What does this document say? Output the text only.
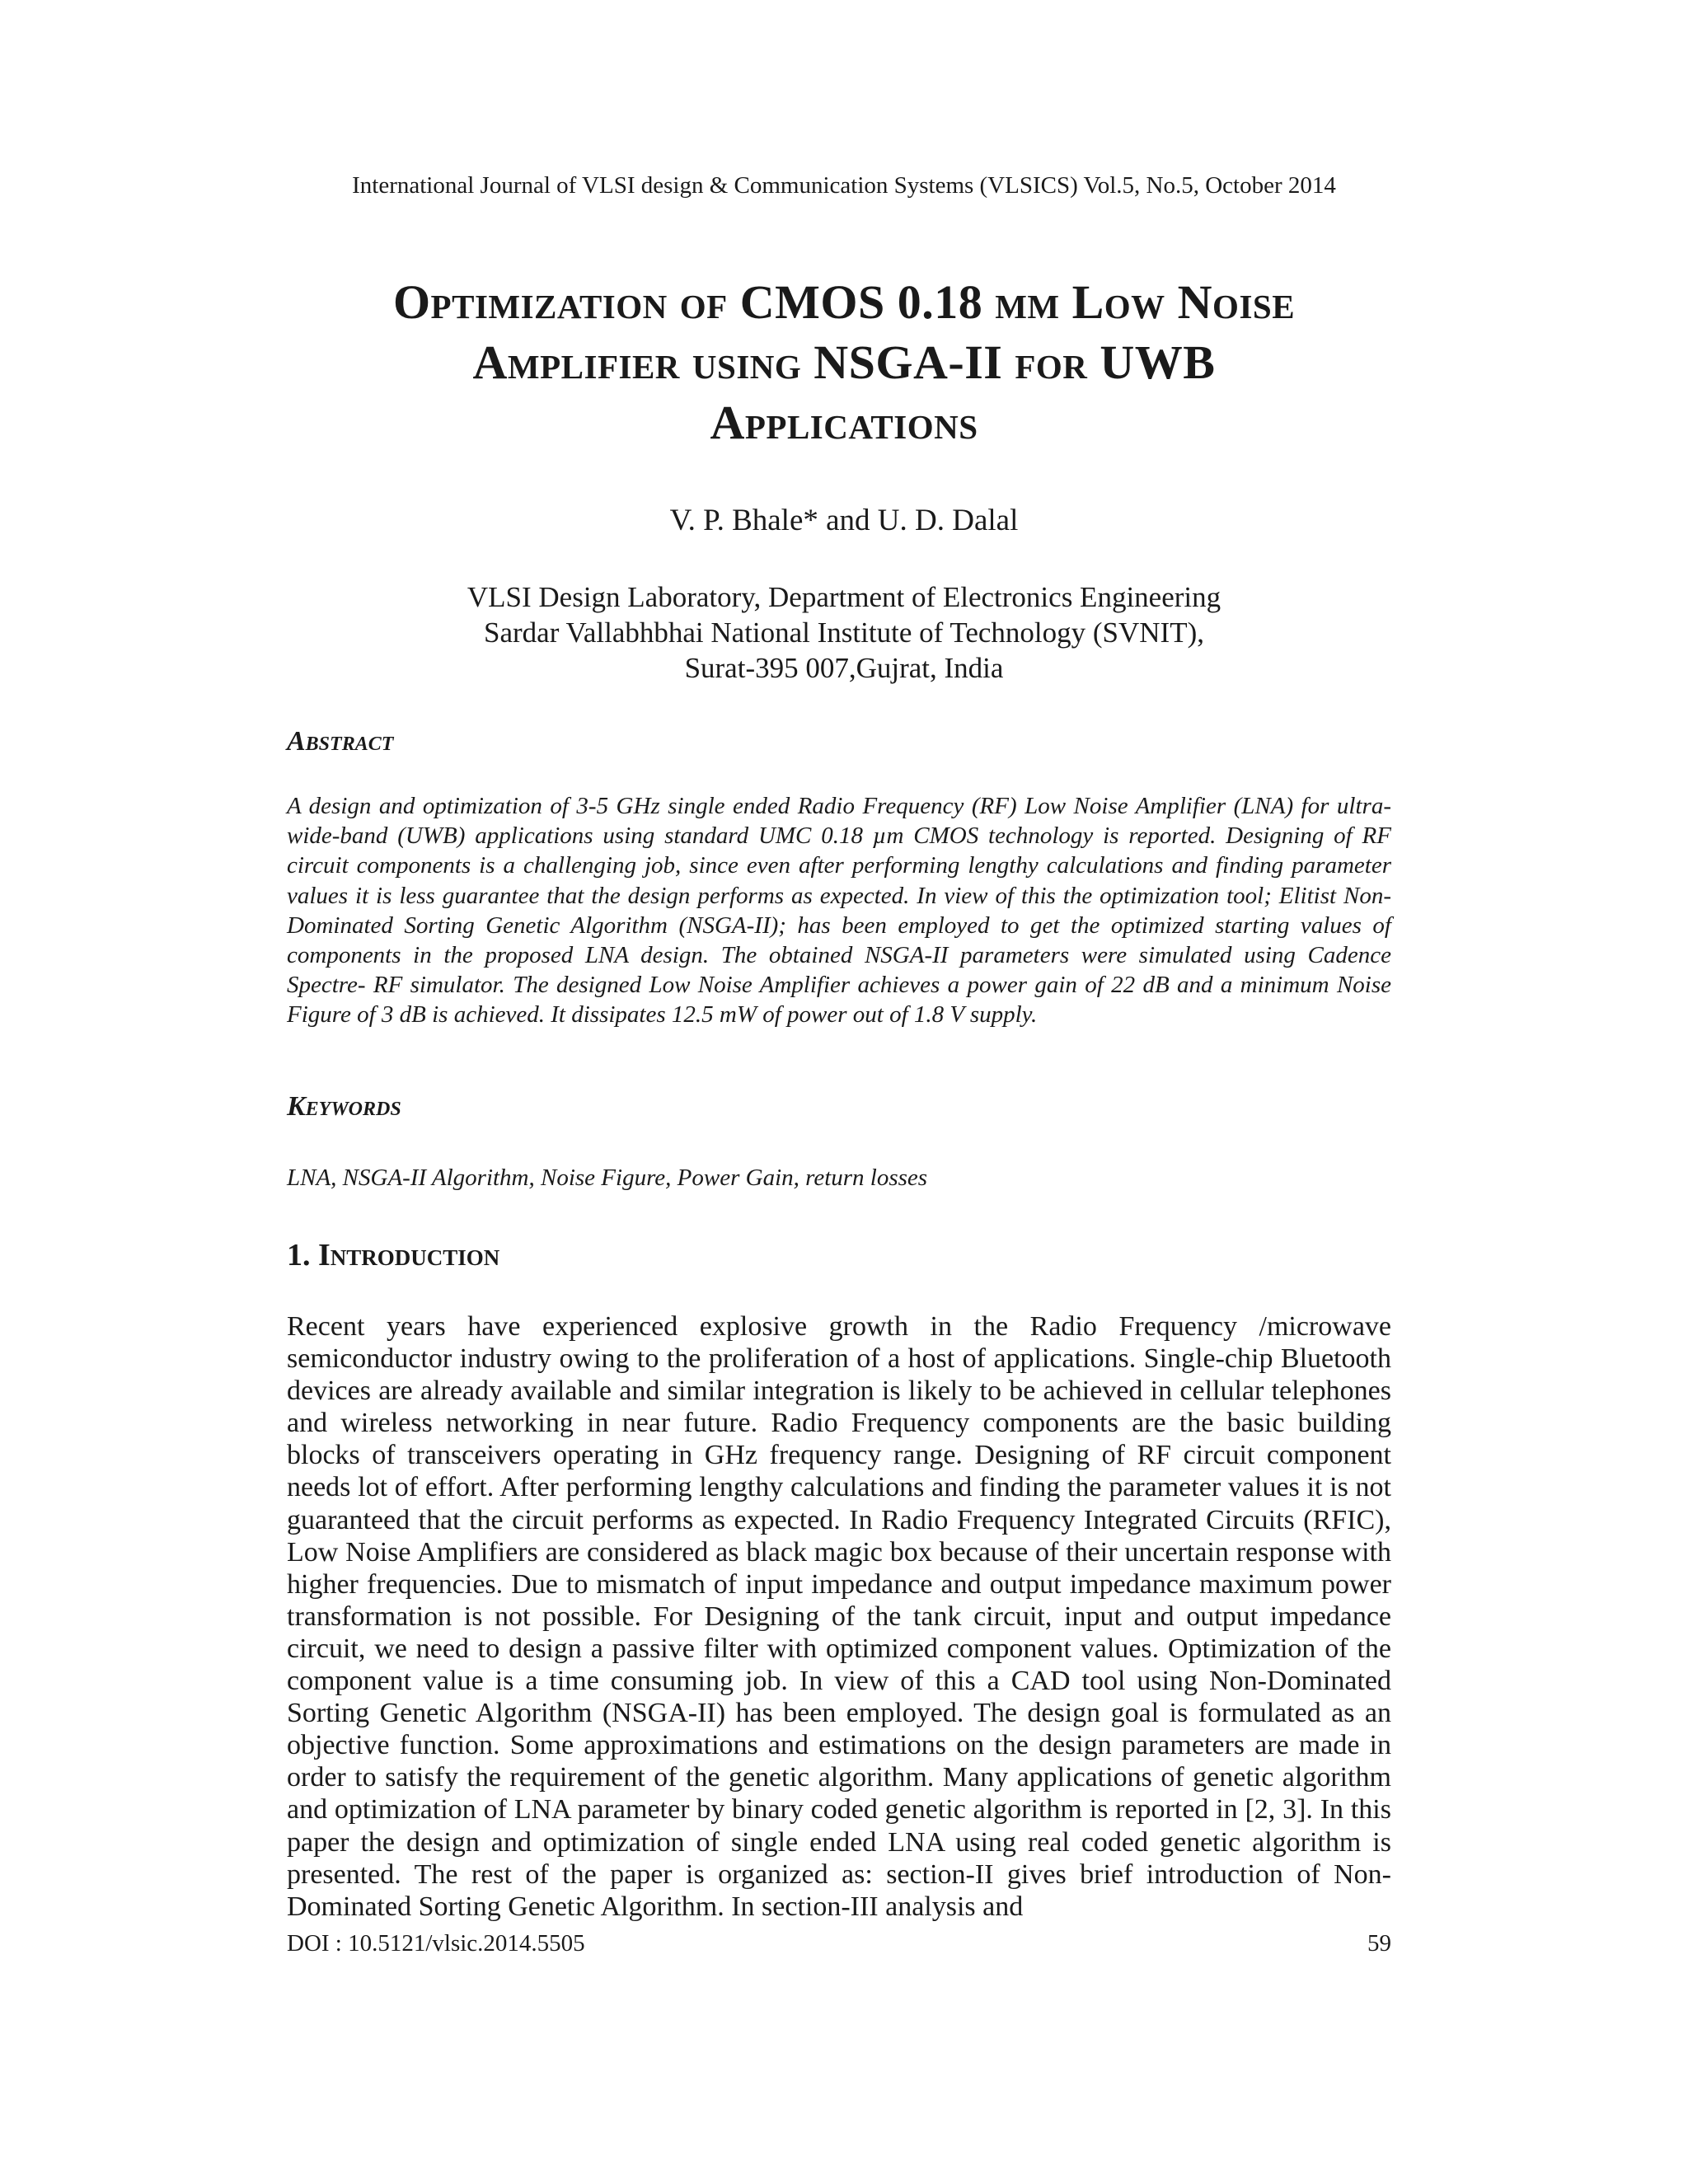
International Journal of VLSI design & Communication Systems (VLSICS) Vol.5, No.5, October 2014
Optimization of CMOS 0.18 µm Low Noise
Amplifier using NSGA-II for UWB
Applications
V. P. Bhale* and U. D. Dalal
VLSI Design Laboratory, Department of Electronics Engineering
Sardar Vallabhbhai National Institute of Technology (SVNIT),
Surat-395 007,Gujrat, India
Abstract
A design and optimization of 3-5 GHz single ended Radio Frequency (RF) Low Noise Amplifier (LNA) for ultra-wide-band (UWB) applications using standard UMC 0.18 µm CMOS technology is reported. Designing of RF circuit components is a challenging job, since even after performing lengthy calculations and finding parameter values it is less guarantee that the design performs as expected. In view of this the optimization tool; Elitist Non-Dominated Sorting Genetic Algorithm (NSGA-II); has been employed to get the optimized starting values of components in the proposed LNA design. The obtained NSGA-II parameters were simulated using Cadence Spectre- RF simulator. The designed Low Noise Amplifier achieves a power gain of 22 dB and a minimum Noise Figure of 3 dB is achieved. It dissipates 12.5 mW of power out of 1.8 V supply.
Keywords
LNA, NSGA-II Algorithm, Noise Figure, Power Gain, return losses
1. Introduction
Recent years have experienced explosive growth in the Radio Frequency /microwave semiconductor industry owing to the proliferation of a host of applications. Single-chip Bluetooth devices are already available and similar integration is likely to be achieved in cellular telephones and wireless networking in near future. Radio Frequency components are the basic building blocks of transceivers operating in GHz frequency range. Designing of RF circuit component needs lot of effort. After performing lengthy calculations and finding the parameter values it is not guaranteed that the circuit performs as expected. In Radio Frequency Integrated Circuits (RFIC), Low Noise Amplifiers are considered as black magic box because of their uncertain response with higher frequencies. Due to mismatch of input impedance and output impedance maximum power transformation is not possible. For Designing of the tank circuit, input and output impedance circuit, we need to design a passive filter with optimized component values. Optimization of the component value is a time consuming job. In view of this a CAD tool using Non-Dominated Sorting Genetic Algorithm (NSGA-II) has been employed. The design goal is formulated as an objective function. Some approximations and estimations on the design parameters are made in order to satisfy the requirement of the genetic algorithm. Many applications of genetic algorithm and optimization of LNA parameter by binary coded genetic algorithm is reported in [2, 3]. In this paper the design and optimization of single ended LNA using real coded genetic algorithm is presented. The rest of the paper is organized as: section-II gives brief introduction of Non-Dominated Sorting Genetic Algorithm. In section-III analysis and
DOI : 10.5121/vlsic.2014.5505	59
